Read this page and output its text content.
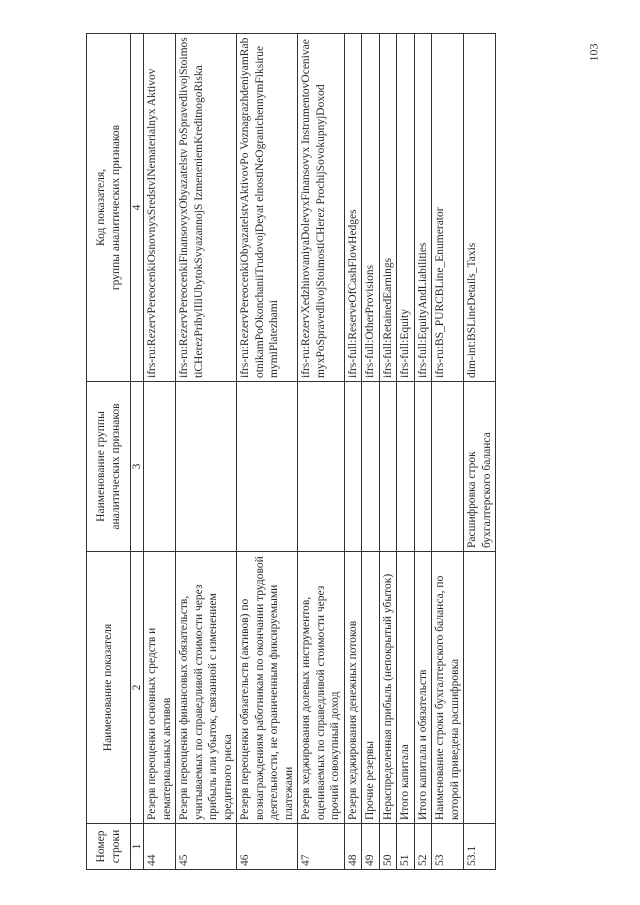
103
Номер строки	Наименование показателя	Наименование группы аналитических признаков	Код показателя, группы аналитических признаков

1	2	3	4
44	Резерв переоценки основных средств и нематериальных активов		ifrs-ru:RezervPereocenkiOsnovnyxSredstvINematerialnyx Aktivov
45	Резерв переоценки финансовых обязательств, учитываемых по справедливой стоимости через прибыль или убыток, связанной с изменением кредитного риска		ifrs-ru:RezervPereocenkiFinansovyxObyazatelstv PoSpravedlivojStoimostiCHerezPribylIliUbytokSvyazannojS IzmeneniemKreditnogoRiska
46	Резерв переоценки обязательств (активов) по вознаграждениям работникам по окончании трудовой деятельности, не ограниченным фиксируемыми платежами		ifrs-ru:RezervPereocenkiObyazatelstvAktivovPo VoznagrazhdeniyamRabotnikamPoOkonchaniiTrudovojDeyat elnostiNeOgranichennymFiksiruemymiPlatezhami
47	Резерв хеджирования долевых инструментов, оцениваемых по справедливой стоимости через прочий совокупный доход		ifrs-ru:RezervXedzhirovaniyaDolevyxFinansovyx InstrumentovOcenivaemyxPoSpravedlivojStoimostiCHerez ProchijSovokupnyjDoxod
48	Резерв хеджирования денежных потоков		ifrs-full:ReserveOfCashFlowHedges
49	Прочие резервы		ifrs-full:OtherProvisions
50	Нераспределенная прибыль (непокрытый убыток)		ifrs-full:RetainedEarnings
51	Итого капитала		ifrs-full:Equity
52	Итого капитала и обязательств		ifrs-full:EquityAndLiabilities
53	Наименование строки бухгалтерского баланса, по которой приведена расшифровка		ifrs-ru:BS_PURCBLine_Enumerator
53.1		Расшифровка строк бухгалтерского баланса	dim-int:BSLineDetails_Taxis
